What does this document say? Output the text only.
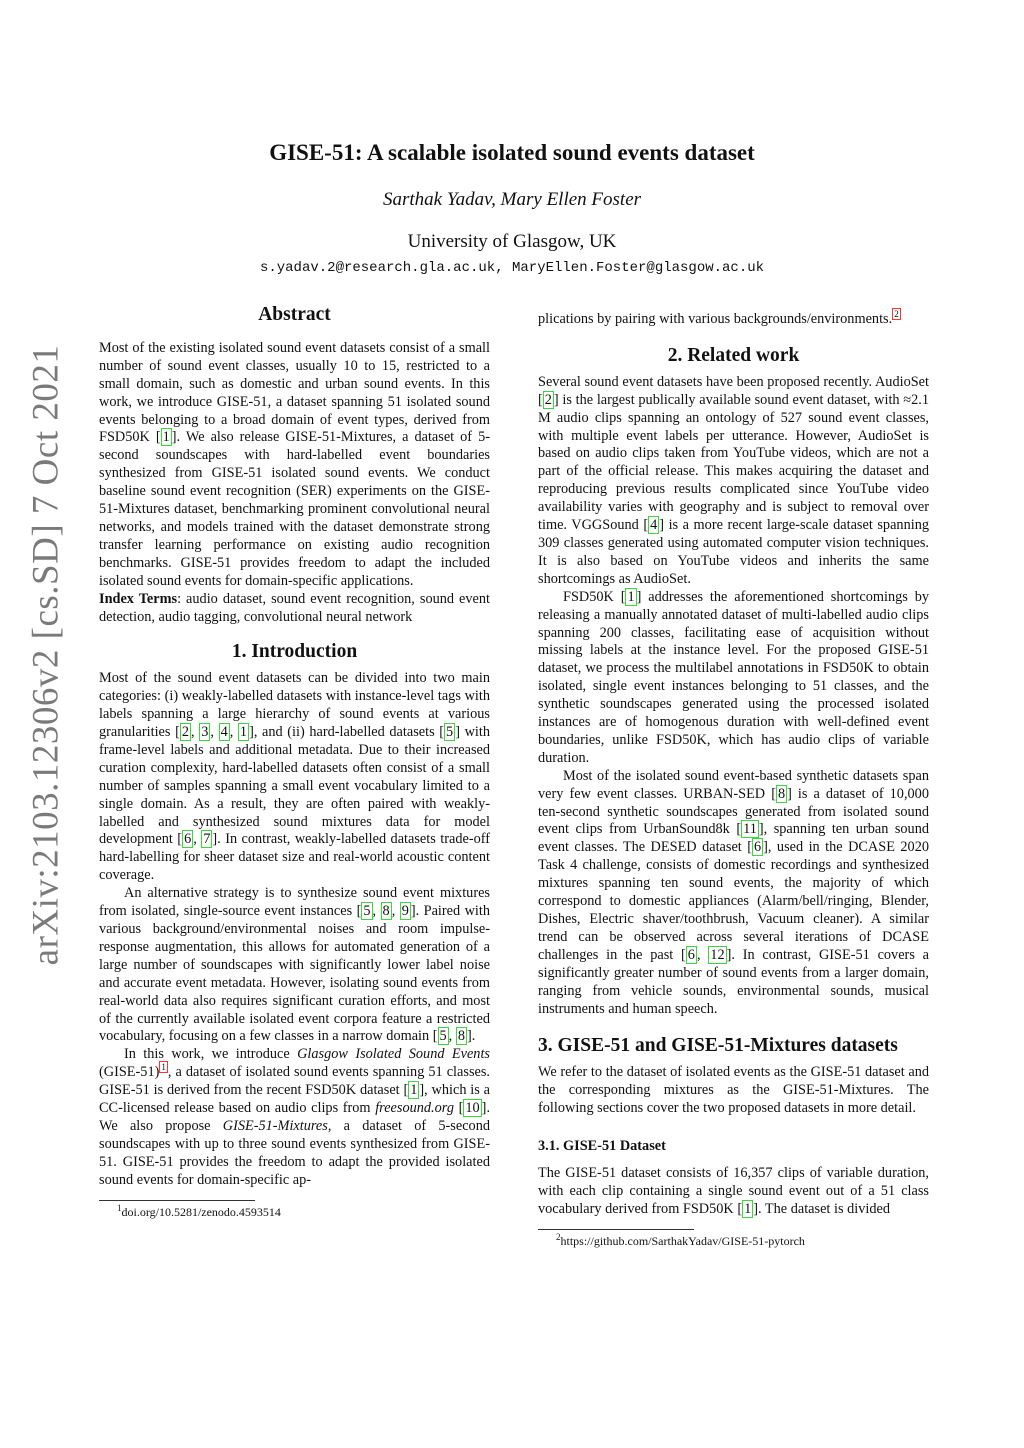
arXiv:2103.12306v2 [cs.SD] 7 Oct 2021
GISE-51: A scalable isolated sound events dataset
Sarthak Yadav, Mary Ellen Foster
University of Glasgow, UK
s.yadav.2@research.gla.ac.uk, MaryEllen.Foster@glasgow.ac.uk
Abstract

Most of the existing isolated sound event datasets consist of a small number of sound event classes, usually 10 to 15, restricted to a small domain, such as domestic and urban sound events. In this work, we introduce GISE-51, a dataset spanning 51 isolated sound events belonging to a broad domain of event types, derived from FSD50K [ 1 ]. We also release GISE-51-Mixtures, a dataset of 5-second soundscapes with hard-labelled event boundaries synthesized from GISE-51 isolated sound events. We conduct baseline sound event recognition (SER) experiments on the GISE-51-Mixtures dataset, benchmarking prominent convolutional neural networks, and models trained with the dataset demonstrate strong transfer learning performance on existing audio recognition benchmarks. GISE-51 provides freedom to adapt the included isolated sound events for domain-specific applications.

Index Terms: audio dataset, sound event recognition, sound event detection, audio tagging, convolutional neural network

1. Introduction

Most of the sound event datasets can be divided into two main categories: (i) weakly-labelled datasets with instance-level tags with labels spanning a large hierarchy of sound events at various granularities [ 2 , 3 , 4 , 1 ], and (ii) hard-labelled datasets [ 5 ] with frame-level labels and additional metadata. Due to their increased curation complexity, hard-labelled datasets often consist of a small number of samples spanning a small event vocabulary limited to a single domain. As a result, they are often paired with weakly-labelled and synthesized sound mixtures data for model development [ 6 , 7 ]. In contrast, weakly-labelled datasets trade-off hard-labelling for sheer dataset size and real-world acoustic content coverage.

An alternative strategy is to synthesize sound event mixtures from isolated, single-source event instances [ 5 , 8 , 9 ]. Paired with various background/environmental noises and room impulse-response augmentation, this allows for automated generation of a large number of soundscapes with significantly lower label noise and accurate event metadata. However, isolating sound events from real-world data also requires significant curation efforts, and most of the currently available isolated event corpora feature a restricted vocabulary, focusing on a few classes in a narrow domain [ 5 , 8 ].

In this work, we introduce Glasgow Isolated Sound Events (GISE-51) $^1$ , a dataset of isolated sound events spanning 51 classes. GISE-51 is derived from the recent FSD50K dataset [ 1 ], which is a CC-licensed release based on audio clips from freesound.org [ 10 ]. We also propose GISE-51-Mixtures, a dataset of 5-second soundscapes with up to three sound events synthesized from GISE-51. GISE-51 provides the freedom to adapt the provided isolated sound events for domain-specific ap-

$^1$doi.org/10.5281/zenodo.4593514

plications by pairing with various backgrounds/environments. $^2$

2. Related work

Several sound event datasets have been proposed recently. AudioSet [ 2 ] is the largest publically available sound event dataset, with ≈2.1 M audio clips spanning an ontology of 527 sound event classes, with multiple event labels per utterance. However, AudioSet is based on audio clips taken from YouTube videos, which are not a part of the official release. This makes acquiring the dataset and reproducing previous results complicated since YouTube video availability varies with geography and is subject to removal over time. VGGSound [ 4 ] is a more recent large-scale dataset spanning 309 classes generated using automated computer vision techniques. It is also based on YouTube videos and inherits the same shortcomings as AudioSet.

FSD50K [ 1 ] addresses the aforementioned shortcomings by releasing a manually annotated dataset of multi-labelled audio clips spanning 200 classes, facilitating ease of acquisition without missing labels at the instance level. For the proposed GISE-51 dataset, we process the multilabel annotations in FSD50K to obtain isolated, single event instances belonging to 51 classes, and the synthetic soundscapes generated using the processed isolated instances are of homogenous duration with well-defined event boundaries, unlike FSD50K, which has audio clips of variable duration.

Most of the isolated sound event-based synthetic datasets span very few event classes. URBAN-SED [ 8 ] is a dataset of 10,000 ten-second synthetic soundscapes generated from isolated sound event clips from UrbanSound8k [ 11 ], spanning ten urban sound event classes. The DESED dataset [ 6 ], used in the DCASE 2020 Task 4 challenge, consists of domestic recordings and synthesized mixtures spanning ten sound events, the majority of which correspond to domestic appliances (Alarm/bell/ringing, Blender, Dishes, Electric shaver/toothbrush, Vacuum cleaner). A similar trend can be observed across several iterations of DCASE challenges in the past [ 6 , 12 ]. In contrast, GISE-51 covers a significantly greater number of sound events from a larger domain, ranging from vehicle sounds, environmental sounds, musical instruments and human speech.

3. GISE-51 and GISE-51-Mixtures datasets

We refer to the dataset of isolated events as the GISE-51 dataset and the corresponding mixtures as the GISE-51-Mixtures. The following sections cover the two proposed datasets in more detail.

3.1. GISE-51 Dataset

The GISE-51 dataset consists of 16,357 clips of variable duration, with each clip containing a single sound event out of a 51 class vocabulary derived from FSD50K [ 1 ]. The dataset is divided

$^2$https://github.com/SarthakYadav/GISE-51-pytorch
